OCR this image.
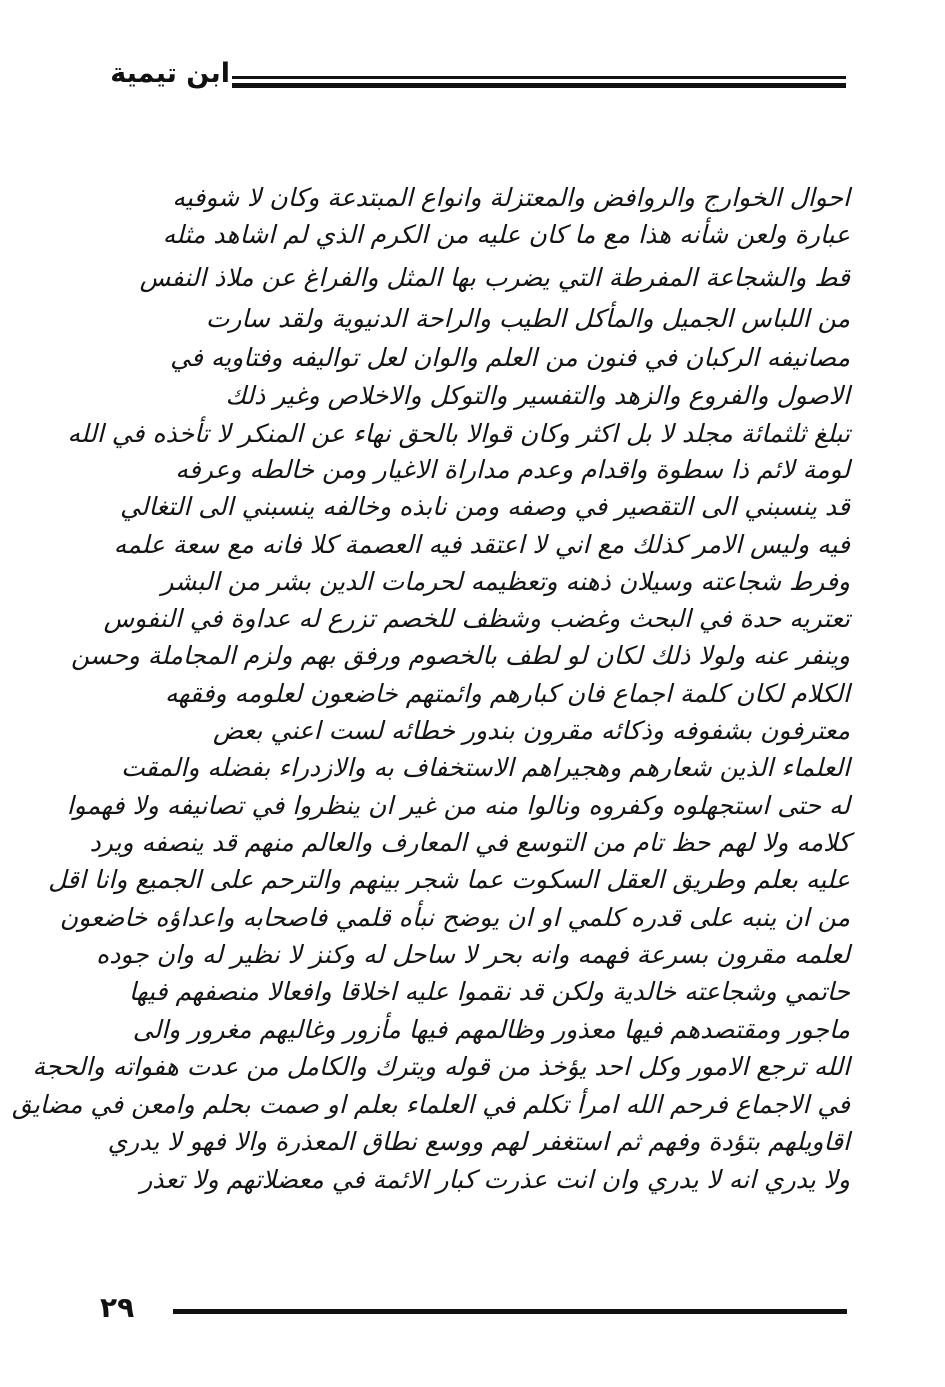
ابن تيمية
احوال الخوارج والروافض والمعتزلة وانواع المبتدعة وكان لا شوفيه
عبارة ولعن شأنه هذا مع ما كان عليه من الكرم الذي لم اشاهد مثله
قط والشجاعة المفرطة التي يضرب بها المثل والفراغ عن ملاذ النفس
من اللباس الجميل والمأكل الطيب والراحة الدنيوية ولقد سارت
مصانيفه الركبان في فنون من العلم والوان لعل تواليفه وفتاويه في
الاصول والفروع والزهد والتفسير والتوكل والاخلاص وغير ذلك
تبلغ ثلثمائة مجلد لا بل اكثر وكان قوالا بالحق نهاء عن المنكر لا تأخذه في الله
لومة لائم ذا سطوة واقدام وعدم مداراة الاغيار ومن خالطه وعرفه
قد ينسبني الى التقصير في وصفه ومن نابذه وخالفه ينسبني الى التغالي
فيه وليس الامر كذلك مع اني لا اعتقد فيه العصمة كلا فانه مع سعة علمه
وفرط شجاعته وسيلان ذهنه وتعظيمه لحرمات الدين بشر من البشر
تعتريه حدة في البحث وغضب وشظف للخصم تزرع له عداوة في النفوس
وينفر عنه ولولا ذلك لكان لو لطف بالخصوم ورفق بهم ولزم المجاملة وحسن
الكلام لكان كلمة اجماع فان كبارهم وائمتهم خاضعون لعلومه وفقهه
معترفون بشفوفه وذكائه مقرون بندور خطائه لست اعني بعض
العلماء الذين شعارهم وهجيراهم الاستخفاف به والازدراء بفضله والمقت
له حتى استجهلوه وكفروه ونالوا منه من غير ان ينظروا في تصانيفه ولا فهموا
كلامه ولا لهم حظ تام من التوسع في المعارف والعالم منهم قد ينصفه ويرد
عليه بعلم وطريق العقل السكوت عما شجر بينهم والترحم على الجميع وانا اقل
من ان ينبه على قدره كلمي او ان يوضح نبأه قلمي فاصحابه واعداؤه خاضعون
لعلمه مقرون بسرعة فهمه وانه بحر لا ساحل له وكنز لا نظير له وان جوده
حاتمي وشجاعته خالدية ولكن قد نقموا عليه اخلاقا وافعالا منصفهم فيها
ماجور ومقتصدهم فيها معذور وظالمهم فيها مأزور وغاليهم مغرور والى
الله ترجع الامور وكل احد يؤخذ من قوله ويترك والكامل من عدت هفواته والحجة
في الاجماع فرحم الله امرأ تكلم في العلماء بعلم او صمت بحلم وامعن في مضايق
اقاويلهم بتؤدة وفهم ثم استغفر لهم ووسع نطاق المعذرة والا فهو لا يدري
ولا يدري انه لا يدري وان انت عذرت كبار الائمة في معضلاتهم ولا تعذر
٢٩
